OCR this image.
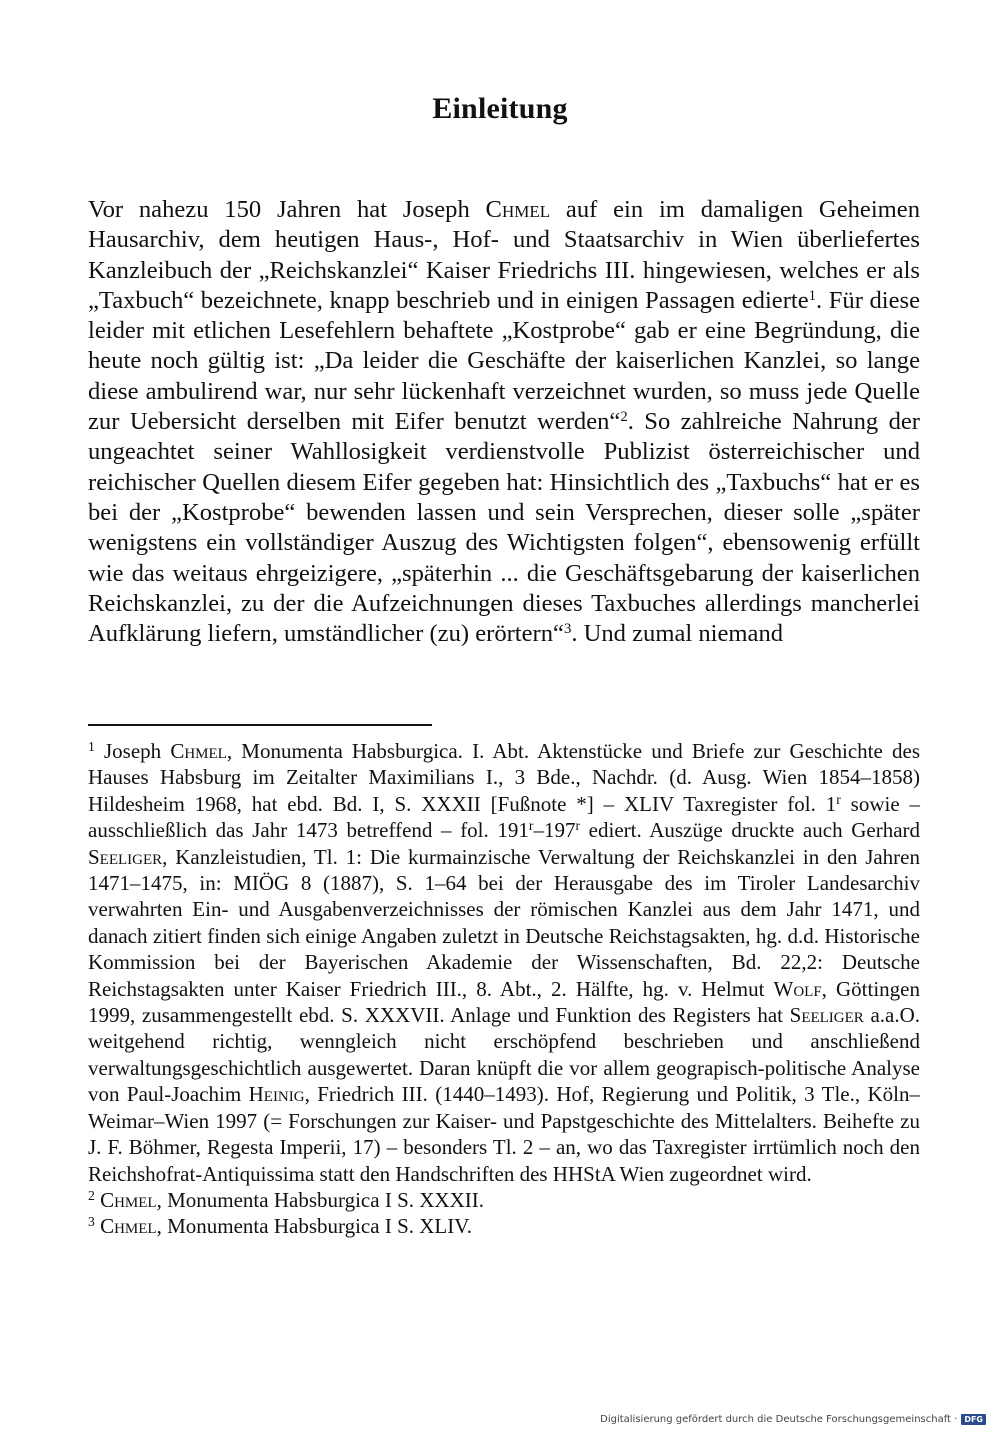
Einleitung

Vor nahezu 150 Jahren hat Joseph Chmel auf ein im damaligen Geheimen Hausarchiv, dem heutigen Haus-, Hof- und Staatsarchiv in Wien überliefertes Kanzleibuch der „Reichskanzlei“ Kaiser Friedrichs III. hingewiesen, welches er als „Taxbuch“ bezeichnete, knapp beschrieb und in einigen Passagen edierte$^1$. Für diese leider mit etlichen Lesefehlern behaftete „Kostprobe“ gab er eine Begründung, die heute noch gültig ist: „Da leider die Geschäfte der kaiserlichen Kanzlei, so lange diese ambulirend war, nur sehr lückenhaft verzeichnet wurden, so muss jede Quelle zur Uebersicht derselben mit Eifer benutzt werden“$^2$. So zahlreiche Nahrung der ungeachtet seiner Wahllosigkeit verdienstvolle Publizist österreichischer und reichischer Quellen diesem Eifer gegeben hat: Hinsichtlich des „Taxbuchs“ hat er es bei der „Kostprobe“ bewenden lassen und sein Versprechen, dieser solle „später wenigstens ein vollständiger Auszug des Wichtigsten folgen“, ebensowenig erfüllt wie das weitaus ehrgeizigere, „späterhin ... die Geschäftsgebarung der kaiserlichen Reichskanzlei, zu der die Aufzeichnungen dieses Taxbuches allerdings mancherlei Aufklärung liefern, umständlicher (zu) erörtern“$^3$. Und zumal niemand

$^1$ Joseph Chmel, Monumenta Habsburgica. I. Abt. Aktenstücke und Briefe zur Geschichte des Hauses Habsburg im Zeitalter Maximilians I., 3 Bde., Nachdr. (d. Ausg. Wien 1854–1858) Hildesheim 1968, hat ebd. Bd. I, S. XXXII [Fußnote *] – XLIV Taxregister fol. 1$^r$ sowie – ausschließlich das Jahr 1473 betreffend – fol. 191$^r$–197$^r$ ediert. Auszüge druckte auch Gerhard Seeliger, Kanzleistudien, Tl. 1: Die kurmainzische Verwaltung der Reichskanzlei in den Jahren 1471–1475, in: MIÖG 8 (1887), S. 1–64 bei der Herausgabe des im Tiroler Landesarchiv verwahrten Ein- und Ausgabenverzeichnisses der römischen Kanzlei aus dem Jahr 1471, und danach zitiert finden sich einige Angaben zuletzt in Deutsche Reichstagsakten, hg. d.d. Historische Kommission bei der Bayerischen Akademie der Wissenschaften, Bd. 22,2: Deutsche Reichstagsakten unter Kaiser Friedrich III., 8. Abt., 2. Hälfte, hg. v. Helmut Wolf, Göttingen 1999, zusammengestellt ebd. S. XXXVII. Anlage und Funktion des Registers hat Seeliger a.a.O. weitgehend richtig, wenngleich nicht erschöpfend beschrieben und anschließend verwaltungsgeschichtlich ausgewertet. Daran knüpft die vor allem geograpisch-politische Analyse von Paul-Joachim Heinig, Friedrich III. (1440–1493). Hof, Regierung und Politik, 3 Tle., Köln–Weimar–Wien 1997 (= Forschungen zur Kaiser- und Papstgeschichte des Mittelalters. Beihefte zu J. F. Böhmer, Regesta Imperii, 17) – besonders Tl. 2 – an, wo das Taxregister irrtümlich noch den Reichshofrat-Antiquissima statt den Handschriften des HHStA Wien zugeordnet wird.

$^2$ Chmel, Monumenta Habsburgica I S. XXXII.

$^3$ Chmel, Monumenta Habsburgica I S. XLIV.

Digitalisierung gefördert durch die Deutsche Forschungsgemeinschaft · DFG
